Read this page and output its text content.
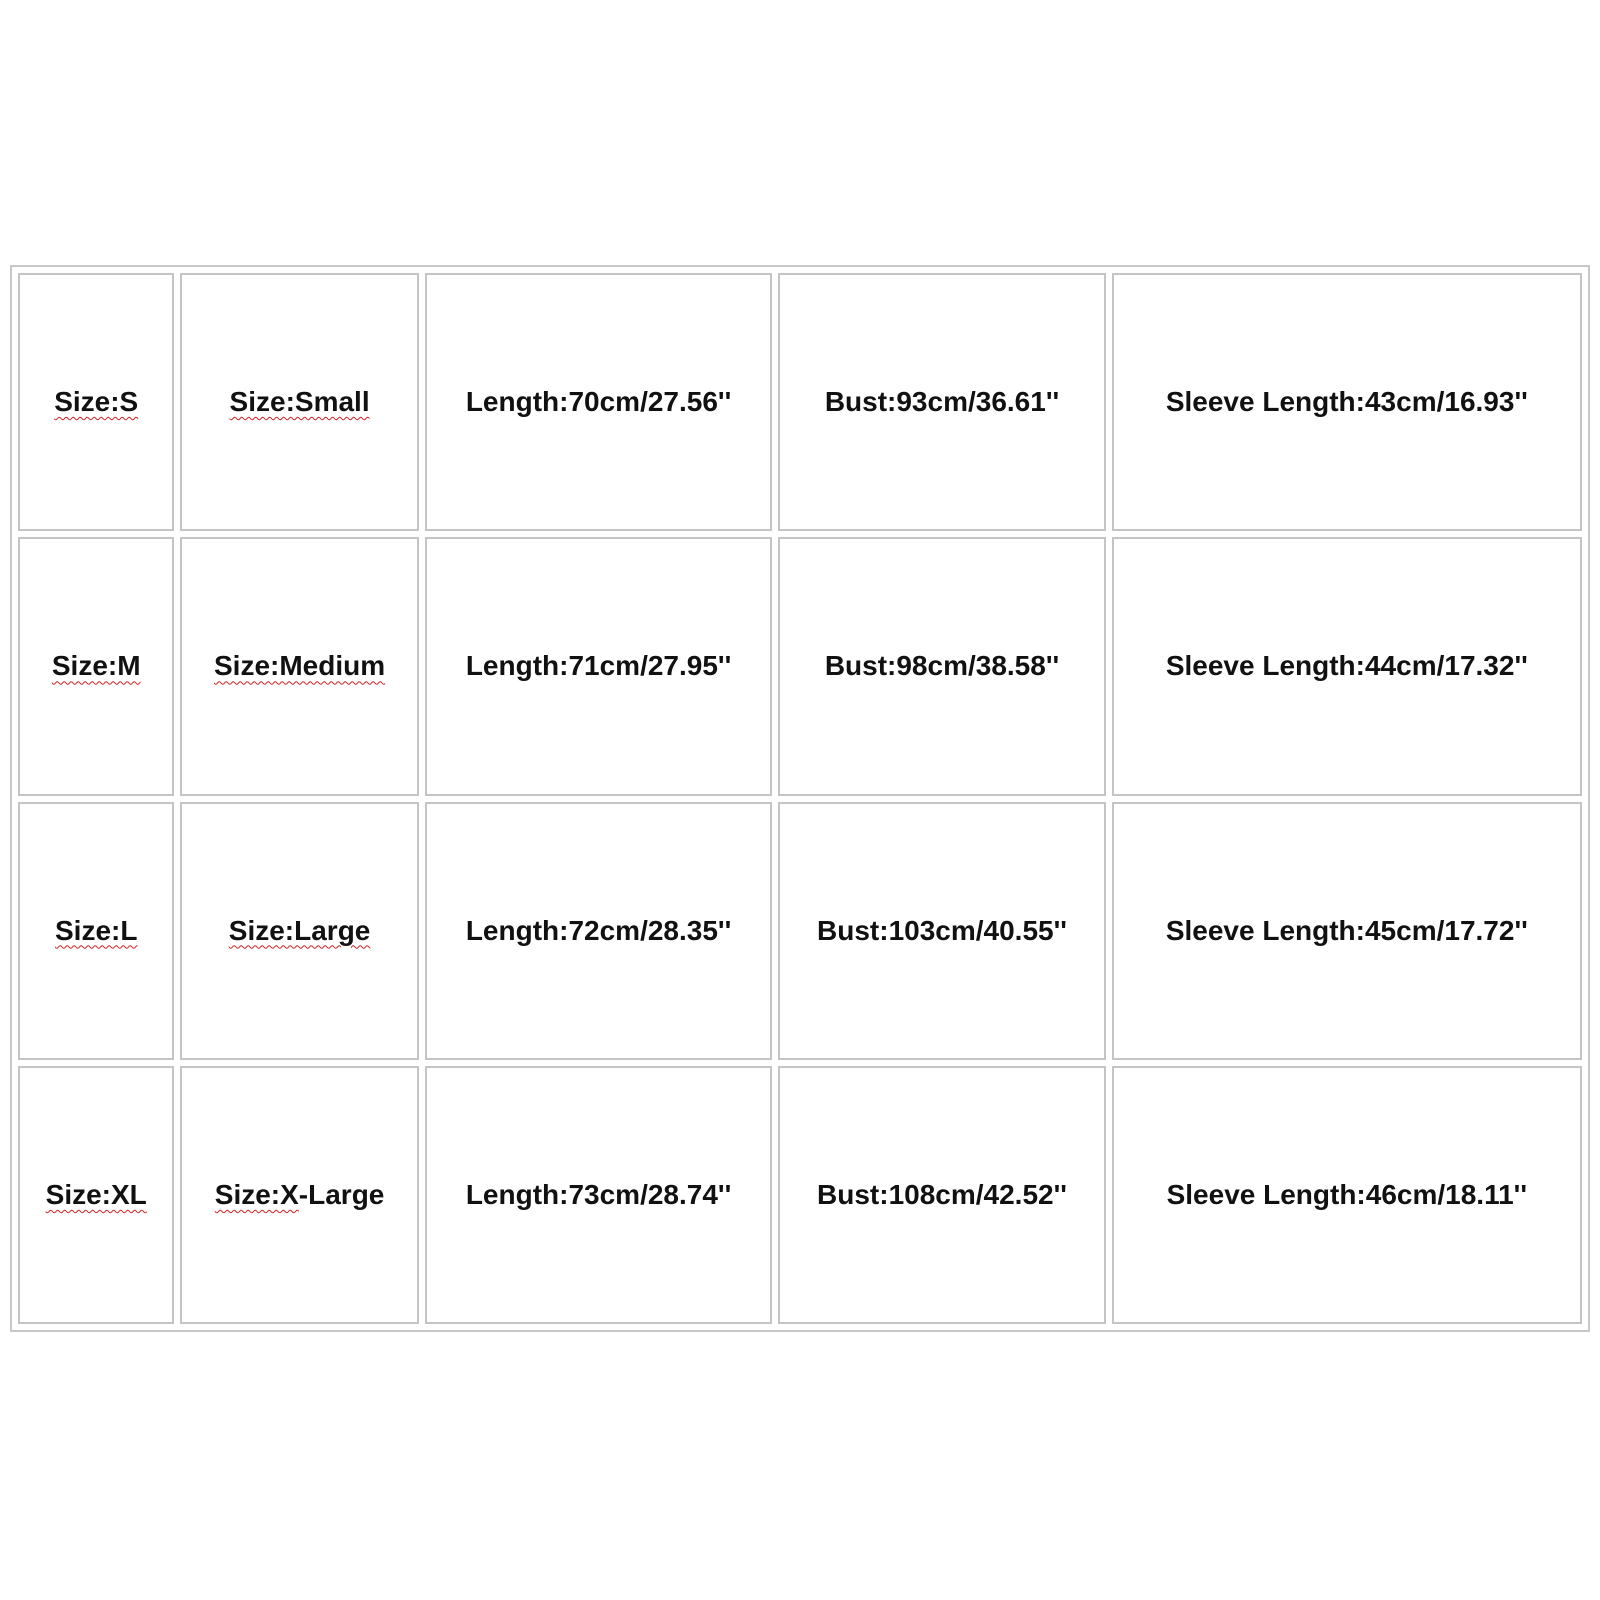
Size:S	Size:Small	Length:70cm/27.56''	Bust:93cm/36.61''	Sleeve Length:43cm/16.93''
Size:M	Size:Medium	Length:71cm/27.95''	Bust:98cm/38.58''	Sleeve Length:44cm/17.32''
Size:L	Size:Large	Length:72cm/28.35''	Bust:103cm/40.55''	Sleeve Length:45cm/17.72''
Size:XL	Size:X-Large	Length:73cm/28.74''	Bust:108cm/42.52''	Sleeve Length:46cm/18.11''
